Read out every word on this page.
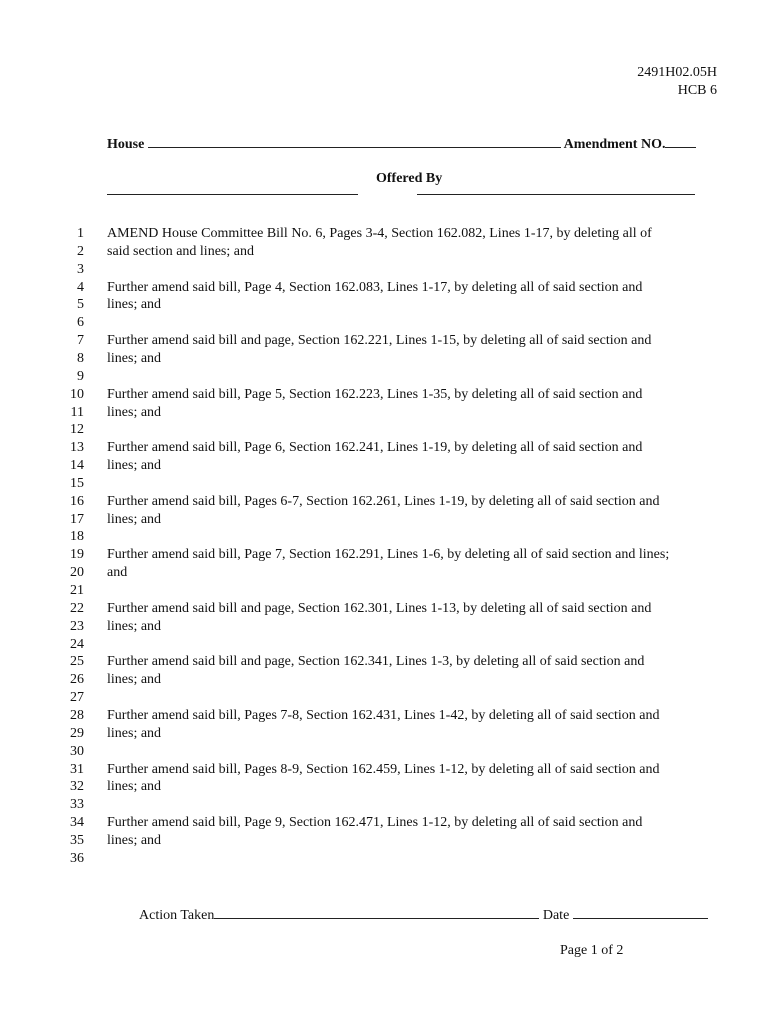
2491H02.05H
HCB 6
House	Amendment NO.
Offered By
1 AMEND House Committee Bill No. 6, Pages 3-4, Section 162.082, Lines 1-17, by deleting all of
2 said section and lines; and
3
4 Further amend said bill, Page 4, Section 162.083, Lines 1-17, by deleting all of said section and
5 lines; and
6
7 Further amend said bill and page, Section 162.221, Lines 1-15, by deleting all of said section and
8 lines; and
9
10 Further amend said bill, Page 5, Section 162.223, Lines 1-35, by deleting all of said section and
11 lines; and
12
13 Further amend said bill, Page 6, Section 162.241, Lines 1-19, by deleting all of said section and
14 lines; and
15
16 Further amend said bill, Pages 6-7, Section 162.261, Lines 1-19, by deleting all of said section and
17 lines; and
18
19 Further amend said bill, Page 7, Section 162.291, Lines 1-6, by deleting all of said section and lines;
20 and
21
22 Further amend said bill and page, Section 162.301, Lines 1-13, by deleting all of said section and
23 lines; and
24
25 Further amend said bill and page, Section 162.341, Lines 1-3, by deleting all of said section and
26 lines; and
27
28 Further amend said bill, Pages 7-8, Section 162.431, Lines 1-42, by deleting all of said section and
29 lines; and
30
31 Further amend said bill, Pages 8-9, Section 162.459, Lines 1-12, by deleting all of said section and
32 lines; and
33
34 Further amend said bill, Page 9, Section 162.471, Lines 1-12, by deleting all of said section and
35 lines; and
36
Action Taken	Date
Page 1 of 2
